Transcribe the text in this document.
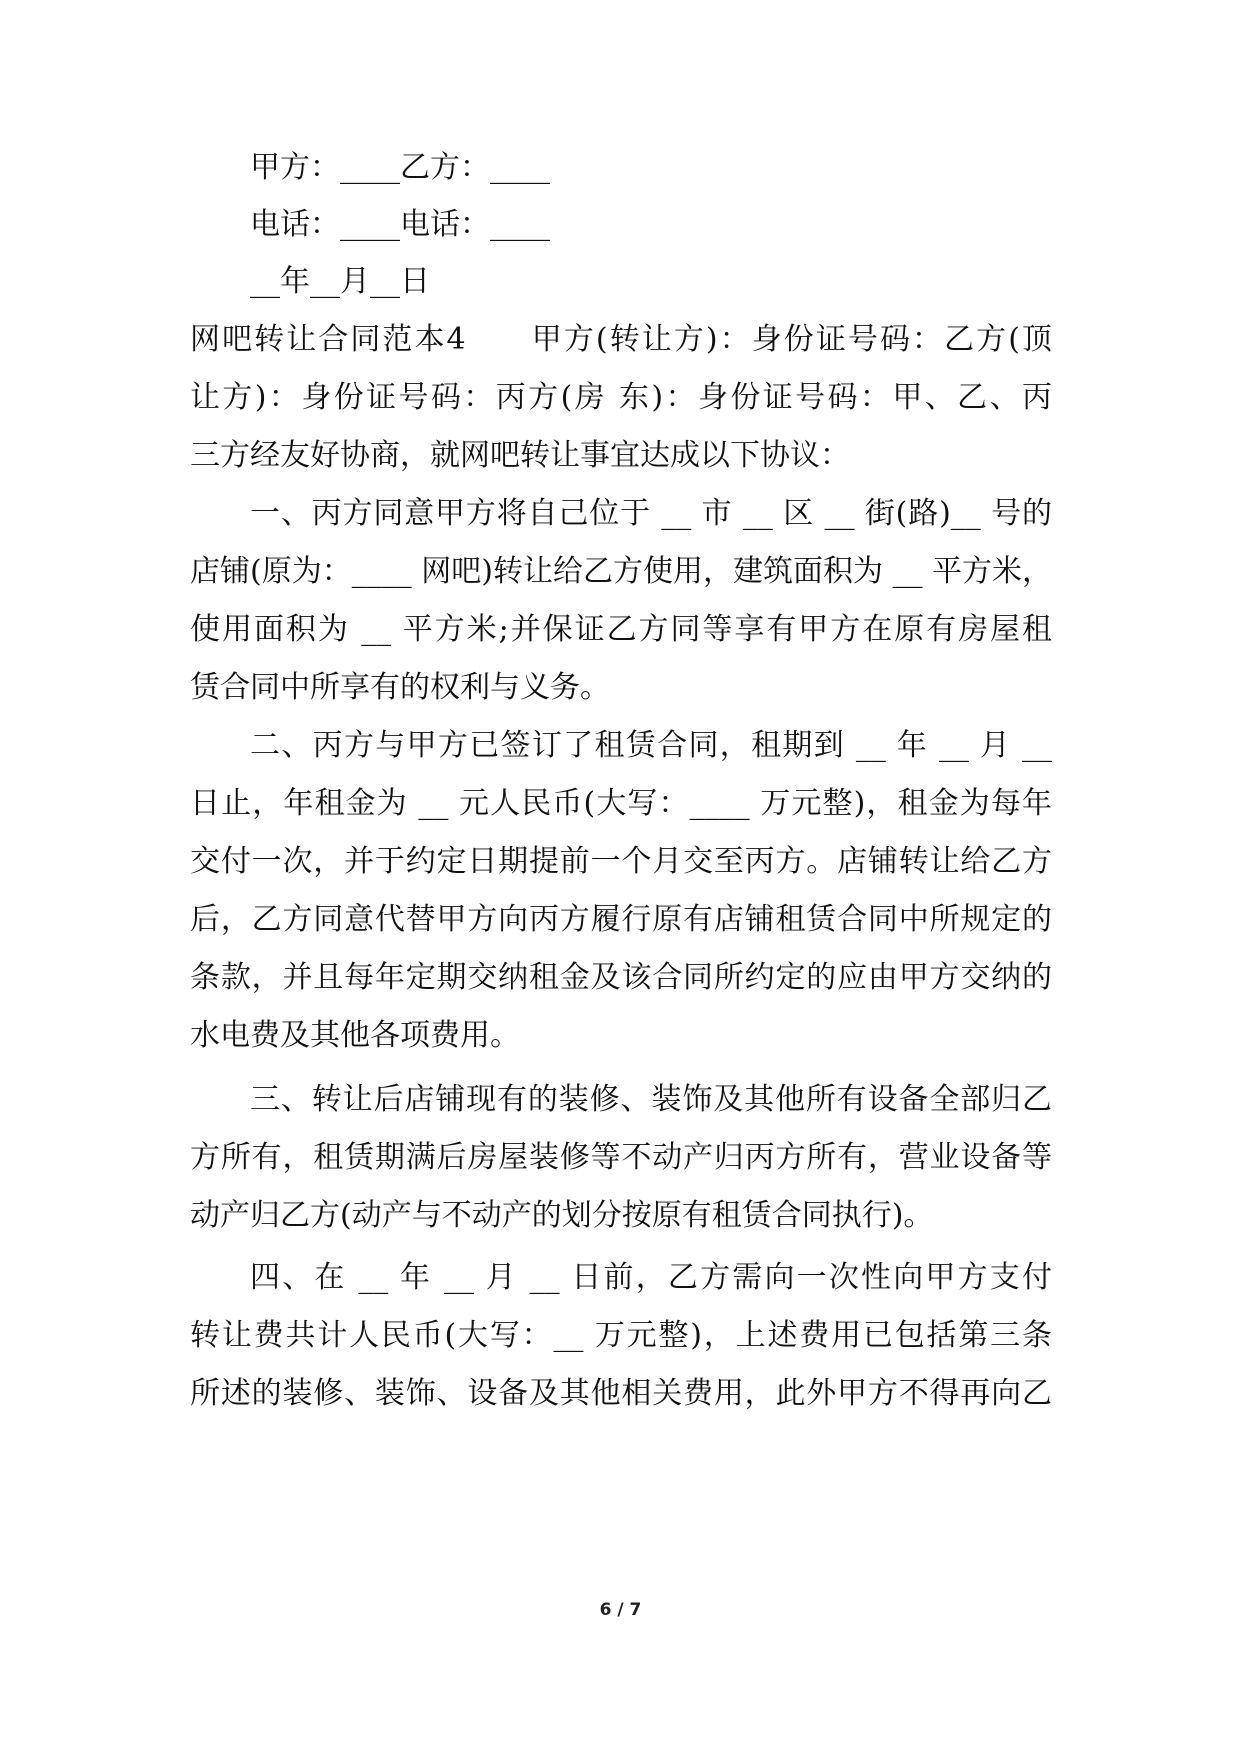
甲方：____乙方：____
电话：____电话：____
__年__月__日
网吧转让合同范本4　　甲方(转让方)：身份证号码：乙方(顶
让方)：身份证号码：丙方(房 东)：身份证号码：甲、乙、丙
三方经友好协商，就网吧转让事宜达成以下协议：
一、丙方同意甲方将自己位于 __ 市 __ 区 __ 街(路)__ 号的
店铺(原为：____ 网吧)转让给乙方使用，建筑面积为 __ 平方米，
使用面积为 __ 平方米;并保证乙方同等享有甲方在原有房屋租
赁合同中所享有的权利与义务。
二、丙方与甲方已签订了租赁合同，租期到 __ 年 __ 月 __
日止，年租金为 __ 元人民币(大写：____ 万元整)，租金为每年
交付一次，并于约定日期提前一个月交至丙方。店铺转让给乙方
后，乙方同意代替甲方向丙方履行原有店铺租赁合同中所规定的
条款，并且每年定期交纳租金及该合同所约定的应由甲方交纳的
水电费及其他各项费用。
三、转让后店铺现有的装修、装饰及其他所有设备全部归乙
方所有，租赁期满后房屋装修等不动产归丙方所有，营业设备等
动产归乙方(动产与不动产的划分按原有租赁合同执行)。
四、在 __ 年 __ 月 __ 日前，乙方需向一次性向甲方支付
转让费共计人民币(大写：__ 万元整)，上述费用已包括第三条
所述的装修、装饰、设备及其他相关费用，此外甲方不得再向乙
6 / 7
